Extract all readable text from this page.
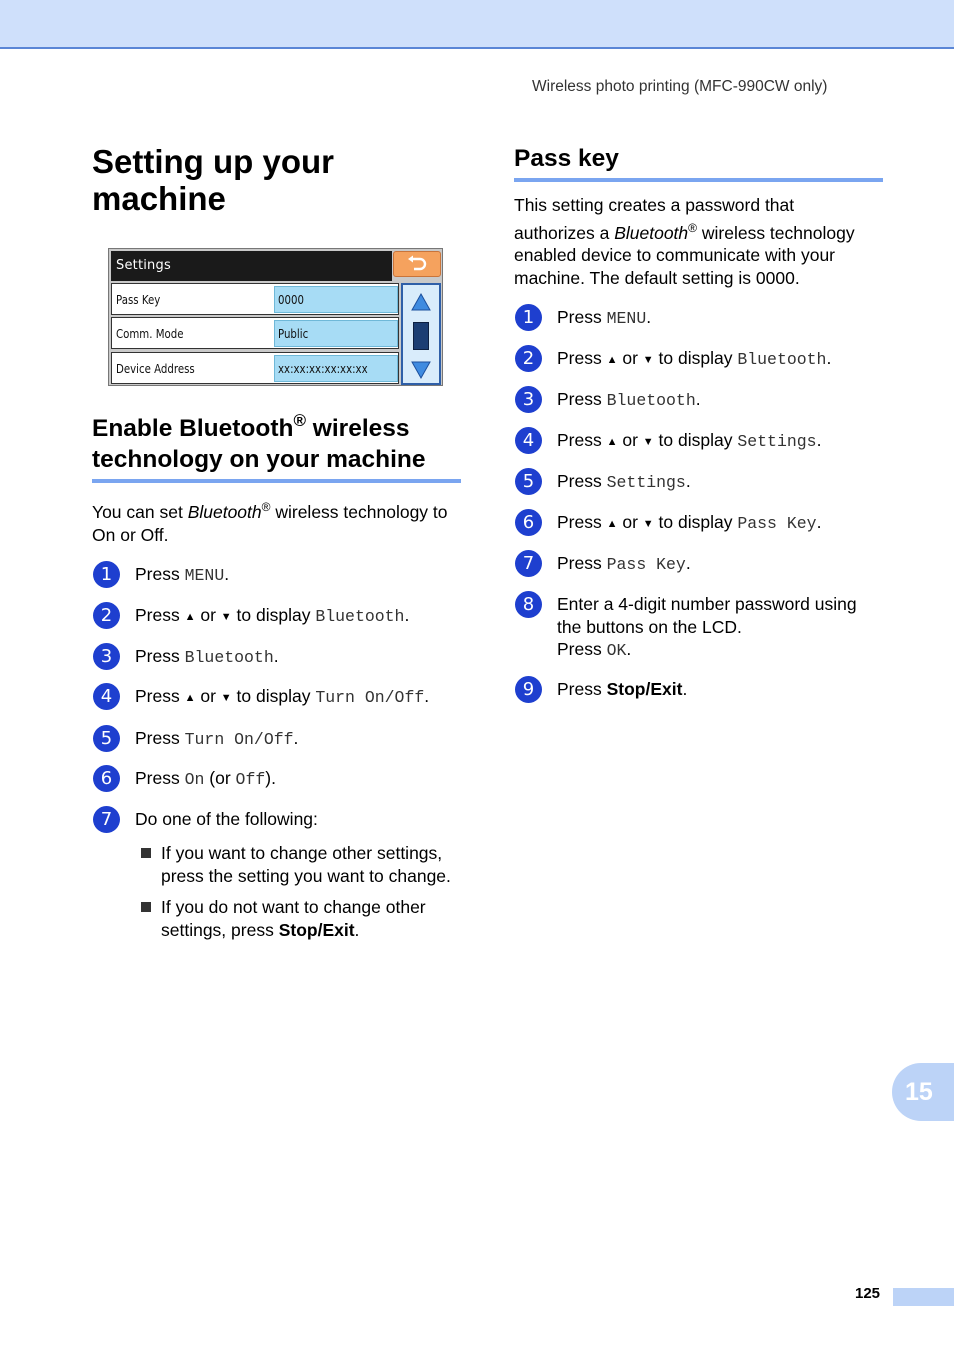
Wireless photo printing (MFC-990CW only)
Setting up your machine
Settings
Pass Key	0000
Comm. Mode	Public
Device Address	xx:xx:xx:xx:xx:xx
Enable Bluetooth® wireless technology on your machine
You can set Bluetooth® wireless technology to On or Off.
1	Press MENU.
2	Press ▲ or ▼ to display Bluetooth.
3	Press Bluetooth.
4	Press ▲ or ▼ to display Turn On/Off.
5	Press Turn On/Off.
6	Press On (or Off).
7	Do one of the following:
If you want to change other settings,
press the setting you want to change.
If you do not want to change other
settings, press Stop/Exit.
Pass key
This setting creates a password that
authorizes a Bluetooth® wireless technology
enabled device to communicate with your
machine. The default setting is 0000.
1	Press MENU.
2	Press ▲ or ▼ to display Bluetooth.
3	Press Bluetooth.
4	Press ▲ or ▼ to display Settings.
5	Press Settings.
6	Press ▲ or ▼ to display Pass Key.
7	Press Pass Key.
8	Enter a 4-digit number password using
the buttons on the LCD.
Press OK.
9	Press Stop/Exit.
15
125
